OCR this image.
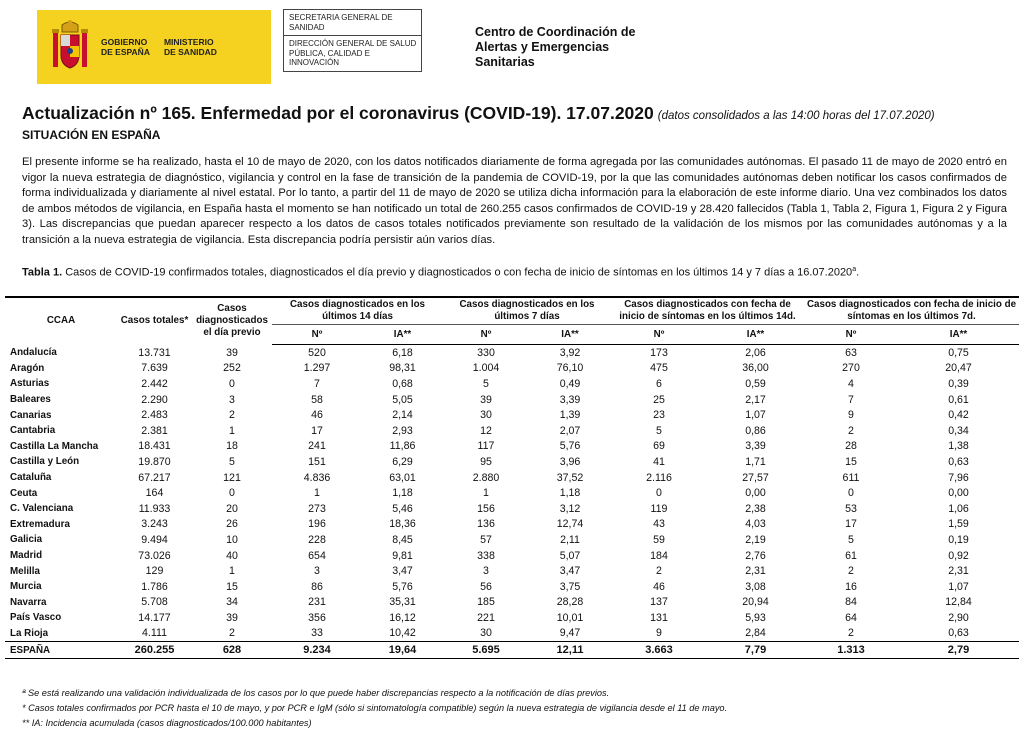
GOBIERNO
DE ESPAÑA
MINISTERIO
DE SANIDAD
SECRETARIA GENERAL DE SANIDAD
DIRECCIÓN GENERAL DE SALUD PÚBLICA, CALIDAD E INNOVACIÓN
Centro de Coordinación de
Alertas y Emergencias
Sanitarias
Actualización nº 165. Enfermedad por el coronavirus (COVID-19). 17.07.2020 (datos consolidados a las 14:00 horas del 17.07.2020)
SITUACIÓN EN ESPAÑA
El presente informe se ha realizado, hasta el 10 de mayo de 2020, con los datos notificados diariamente de forma agregada por las comunidades autónomas. El pasado 11 de mayo de 2020 entró en vigor la nueva estrategia de diagnóstico, vigilancia y control en la fase de transición de la pandemia de COVID-19, por la que las comunidades autónomas deben notificar los casos confirmados de forma individualizada y diariamente al nivel estatal. Por lo tanto, a partir del 11 de mayo de 2020 se utiliza dicha información para la elaboración de este informe diario. Una vez combinados los datos de ambos métodos de vigilancia, en España hasta el momento se han notificado un total de 260.255 casos confirmados de COVID-19 y 28.420 fallecidos (Tabla 1, Tabla 2, Figura 1, Figura 2 y Figura 3). Las discrepancias que puedan aparecer respecto a los datos de casos totales notificados previamente son resultado de la validación de los mismos por las comunidades autónomas y a la transición a la nueva estrategia de vigilancia. Esta discrepancia podría persistir aún varios días.
Tabla 1. Casos de COVID-19 confirmados totales, diagnosticados el día previo y diagnosticados o con fecha de inicio de síntomas en los últimos 14 y 7 días a 16.07.2020$^a$.
CCAA	Casos totales*	Casos diagnosticados el día previo	Casos diagnosticados en los últimos 14 días		Casos diagnosticados en los últimos 7 días		Casos diagnosticados con fecha de inicio de síntomas en los últimos 14d.		Casos diagnosticados con fecha de inicio de síntomas en los últimos 7d.	
			Nº	IA**	Nº	IA**	Nº	IA**	Nº	IA**
Andalucía	13.731	39	520	6,18	330	3,92	173	2,06	63	0,75
Aragón	7.639	252	1.297	98,31	1.004	76,10	475	36,00	270	20,47
Asturias	2.442	0	7	0,68	5	0,49	6	0,59	4	0,39
Baleares	2.290	3	58	5,05	39	3,39	25	2,17	7	0,61
Canarias	2.483	2	46	2,14	30	1,39	23	1,07	9	0,42
Cantabria	2.381	1	17	2,93	12	2,07	5	0,86	2	0,34
Castilla La Mancha	18.431	18	241	11,86	117	5,76	69	3,39	28	1,38
Castilla y León	19.870	5	151	6,29	95	3,96	41	1,71	15	0,63
Cataluña	67.217	121	4.836	63,01	2.880	37,52	2.116	27,57	611	7,96
Ceuta	164	0	1	1,18	1	1,18	0	0,00	0	0,00
C. Valenciana	11.933	20	273	5,46	156	3,12	119	2,38	53	1,06
Extremadura	3.243	26	196	18,36	136	12,74	43	4,03	17	1,59
Galicia	9.494	10	228	8,45	57	2,11	59	2,19	5	0,19
Madrid	73.026	40	654	9,81	338	5,07	184	2,76	61	0,92
Melilla	129	1	3	3,47	3	3,47	2	2,31	2	2,31
Murcia	1.786	15	86	5,76	56	3,75	46	3,08	16	1,07
Navarra	5.708	34	231	35,31	185	28,28	137	20,94	84	12,84
País Vasco	14.177	39	356	16,12	221	10,01	131	5,93	64	2,90
La Rioja	4.111	2	33	10,42	30	9,47	9	2,84	2	0,63
ESPAÑA	260.255	628	9.234	19,64	5.695	12,11	3.663	7,79	1.313	2,79
ª Se está realizando una validación individualizada de los casos por lo que puede haber discrepancias respecto a la notificación de días previos.
* Casos totales confirmados por PCR hasta el 10 de mayo, y por PCR e IgM (sólo si sintomatología compatible) según la nueva estrategia de vigilancia desde el 11 de mayo.
** IA: Incidencia acumulada (casos diagnosticados/100.000 habitantes)
